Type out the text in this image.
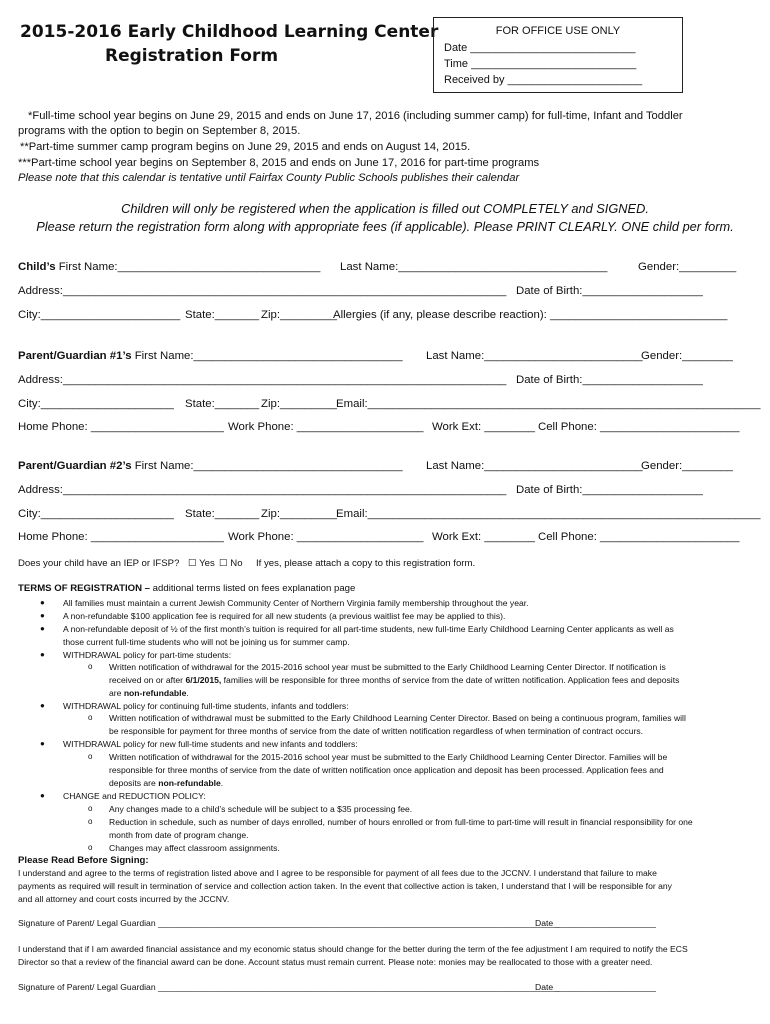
2015-2016 Early Childhood Learning Center
Registration Form
FOR OFFICE USE ONLY
Date ___________________________
Time ___________________________
Received by ______________________
*Full-time school year begins on June 29, 2015 and ends on June 17, 2016 (including summer camp) for full-time, Infant and Toddler
programs with the option to begin on September 8, 2015.
**Part-time summer camp program begins on June 29, 2015 and ends on August 14, 2015.
***Part-time school year begins on September 8, 2015 and ends on June 17, 2016 for part-time programs
Please note that this calendar is tentative until Fairfax County Public Schools publishes their calendar
Children will only be registered when the application is filled out COMPLETELY and SIGNED.
Please return the registration form along with appropriate fees (if applicable). Please PRINT CLEARLY. ONE child per form.
Child’s First Name:________________________________ Last Name:_________________________________	Gender:_________
Address:______________________________________________________________________ Date of Birth:___________________
City:______________________ State:_______ Zip:_________
Allergies (if any, please describe reaction): ____________________________
Parent/Guardian #1’s First Name:_________________________________ Last Name:_________________________
Gender:________
Address:______________________________________________________________________ Date of Birth:___________________
City:_____________________ State:_______ Zip:_________
Email:______________________________________________________________
Home Phone: _____________________ Work Phone: ____________________ Work Ext: ________ Cell Phone: ______________________
Parent/Guardian #2’s First Name:_________________________________ Last Name:_________________________
Gender:________
Address:______________________________________________________________________ Date of Birth:___________________
City:_____________________ State:_______ Zip:_________
Email:______________________________________________________________
Home Phone: _____________________ Work Phone: ____________________ Work Ext: ________ Cell Phone: ______________________
Does your child have an IEP or IFSP? ☐ Yes ☐ No If yes, please attach a copy to this registration form.
TERMS OF REGISTRATION – additional terms listed on fees explanation page
● All families must maintain a current Jewish Community Center of Northern Virginia family membership throughout the year.
● A non-refundable $100 application fee is required for all new students (a previous waitlist fee may be applied to this).
● A non-refundable deposit of ½ of the first month’s tuition is required for all part-time students, new full-time Early Childhood Learning Center applicants as well as
those current full-time students who will not be joining us for summer camp.
● WITHDRAWAL policy for part-time students:
o Written notification of withdrawal for the 2015-2016 school year must be submitted to the Early Childhood Learning Center Director. If notification is
received on or after 6/1/2015, families will be responsible for three months of service from the date of written notification. Application fees and deposits
are non-refundable.
● WITHDRAWAL policy for continuing full-time students, infants and toddlers:
o Written notification of withdrawal must be submitted to the Early Childhood Learning Center Director. Based on being a continuous program, families will
be responsible for payment for three months of service from the date of written notification regardless of when termination of contract occurs.
● WITHDRAWAL policy for new full-time students and new infants and toddlers:
o Written notification of withdrawal for the 2015-2016 school year must be submitted to the Early Childhood Learning Center Director. Families will be
responsible for three months of service from the date of written notification once application and deposit has been processed. Application fees and
deposits are non-refundable.
● CHANGE and REDUCTION POLICY:
o Any changes made to a child’s schedule will be subject to a $35 processing fee.
o Reduction in schedule, such as number of days enrolled, number of hours enrolled or from full-time to part-time will result in financial responsibility for one
month from date of program change.
o Changes may affect classroom assignments.
Please Read Before Signing:
I understand and agree to the terms of registration listed above and I agree to be responsible for payment of all fees due to the JCCNV. I understand that failure to make
payments as required will result in termination of service and collection action taken. In the event that collective action is taken, I understand that I will be responsible for any
and all attorney and court costs incurred by the JCCNV.
Signature of Parent/ Legal Guardian ____________________________________________________________________________________
Date _____________________
I understand that if I am awarded financial assistance and my economic status should change for the better during the term of the fee adjustment I am required to notify the ECS
Director so that a review of the financial award can be done. Account status must remain current. Please note: monies may be reallocated to those with a greater need.
Signature of Parent/ Legal Guardian ____________________________________________________________________________________
Date _____________________
